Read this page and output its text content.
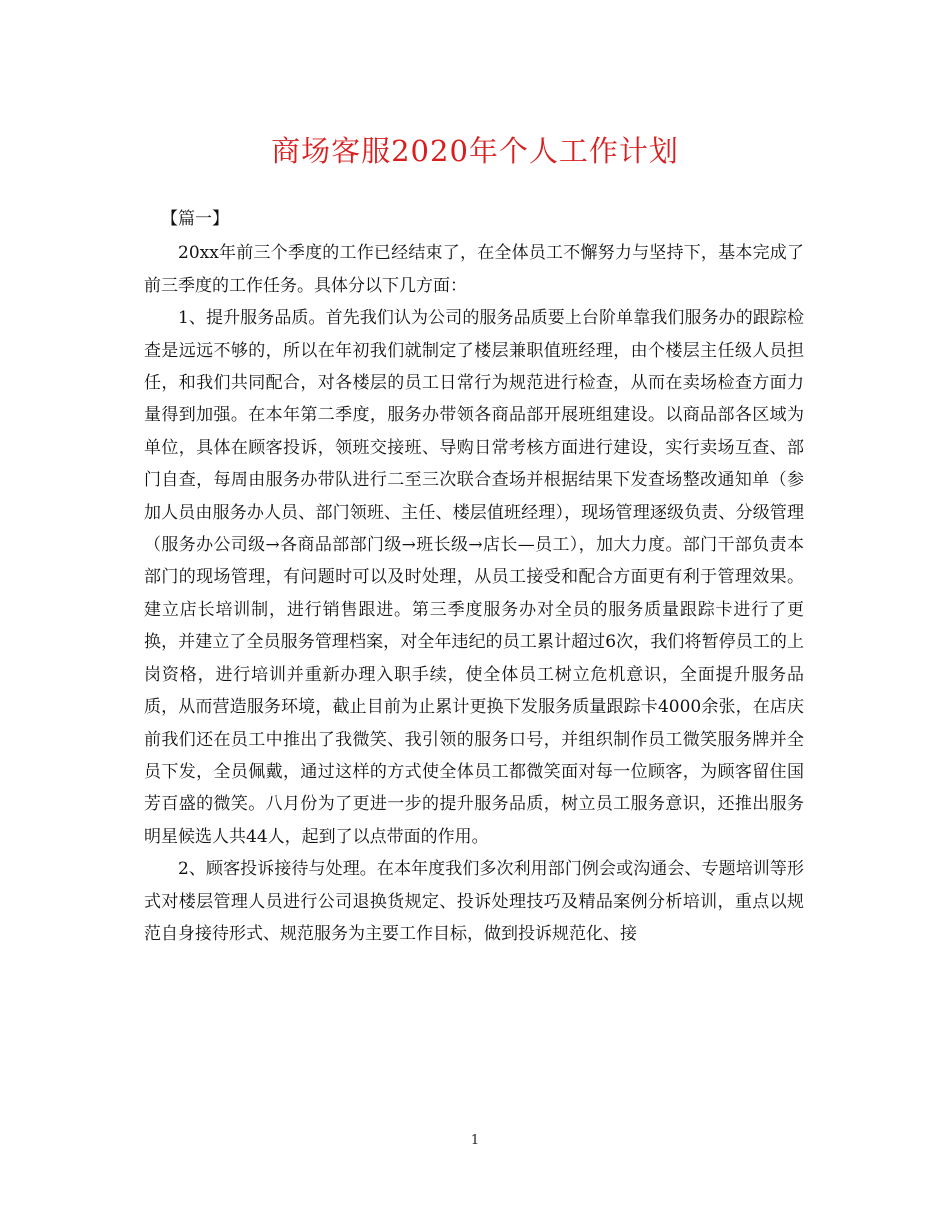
商场客服2020年个人工作计划

【篇一】

20xx年前三个季度的工作已经结束了，在全体员工不懈努力与坚持下，基本完成了前三季度的工作任务。具体分以下几方面：

1、提升服务品质。首先我们认为公司的服务品质要上台阶单靠我们服务办的跟踪检查是远远不够的，所以在年初我们就制定了楼层兼职值班经理，由个楼层主任级人员担任，和我们共同配合，对各楼层的员工日常行为规范进行检查，从而在卖场检查方面力量得到加强。在本年第二季度，服务办带领各商品部开展班组建设。以商品部各区域为单位，具体在顾客投诉，领班交接班、导购日常考核方面进行建设，实行卖场互查、部门自查，每周由服务办带队进行二至三次联合查场并根据结果下发查场整改通知单（参加人员由服务办人员、部门领班、主任、楼层值班经理），现场管理逐级负责、分级管理（服务办公司级→各商品部部门级→班长级→店长—员工），加大力度。部门干部负责本部门的现场管理，有问题时可以及时处理，从员工接受和配合方面更有利于管理效果。建立店长培训制，进行销售跟进。第三季度服务办对全员的服务质量跟踪卡进行了更换，并建立了全员服务管理档案，对全年违纪的员工累计超过6次，我们将暂停员工的上岗资格，进行培训并重新办理入职手续，使全体员工树立危机意识，全面提升服务品质，从而营造服务环境，截止目前为止累计更换下发服务质量跟踪卡4000余张，在店庆前我们还在员工中推出了我微笑、我引领的服务口号，并组织制作员工微笑服务牌并全员下发，全员佩戴，通过这样的方式使全体员工都微笑面对每一位顾客，为顾客留住国芳百盛的微笑。八月份为了更进一步的提升服务品质，树立员工服务意识，还推出服务明星候选人共44人，起到了以点带面的作用。

2、顾客投诉接待与处理。在本年度我们多次利用部门例会或沟通会、专题培训等形式对楼层管理人员进行公司退换货规定、投诉处理技巧及精品案例分析培训，重点以规范自身接待形式、规范服务为主要工作目标，做到投诉规范化、接

1
